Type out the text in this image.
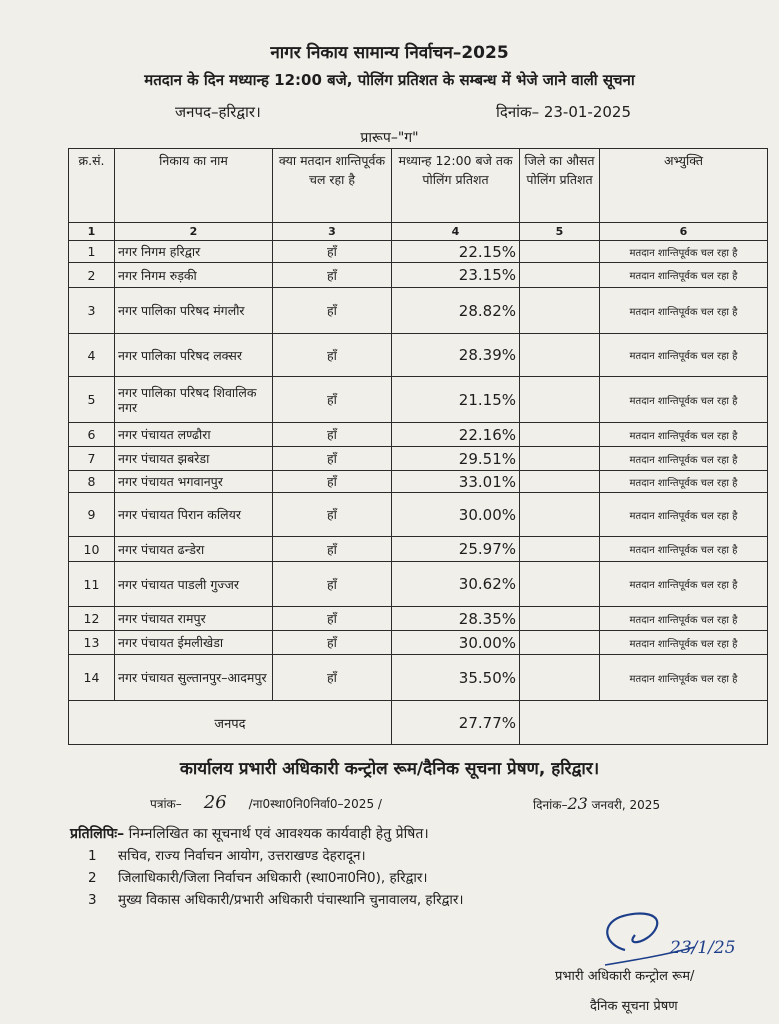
नागर निकाय सामान्य निर्वाचन–2025
मतदान के दिन मध्यान्ह 12:00 बजे, पोलिंग प्रतिशत के सम्बन्ध में भेजे जाने वाली सूचना
जनपद–हरिद्वार।	दिनांक– 23-01-2025
प्रारूप–"ग"
क्र.सं.	निकाय का नाम	क्या मतदान शान्तिपूर्वक चल रहा है	मध्यान्ह 12:00 बजे तक पोलिंग प्रतिशत	जिले का औसत पोलिंग प्रतिशत	अभ्युक्ति
1	2	3	4	5	6
1	नगर निगम हरिद्वार	हाँ	22.15%		मतदान शान्तिपूर्वक चल रहा है
2	नगर निगम रुड़की	हाँ	23.15%		मतदान शान्तिपूर्वक चल रहा है
3	नगर पालिका परिषद मंगलौर	हाँ	28.82%		मतदान शान्तिपूर्वक चल रहा है
4	नगर पालिका परिषद लक्सर	हाँ	28.39%		मतदान शान्तिपूर्वक चल रहा है
5	नगर पालिका परिषद शिवालिक नगर	हाँ	21.15%		मतदान शान्तिपूर्वक चल रहा है
6	नगर पंचायत लण्ढौरा	हाँ	22.16%		मतदान शान्तिपूर्वक चल रहा है
7	नगर पंचायत झबरेडा	हाँ	29.51%		मतदान शान्तिपूर्वक चल रहा है
8	नगर पंचायत भगवानपुर	हाँ	33.01%		मतदान शान्तिपूर्वक चल रहा है
9	नगर पंचायत पिरान कलियर	हाँ	30.00%		मतदान शान्तिपूर्वक चल रहा है
10	नगर पंचायत ढन्डेरा	हाँ	25.97%		मतदान शान्तिपूर्वक चल रहा है
11	नगर पंचायत पाडली गुज्जर	हाँ	30.62%		मतदान शान्तिपूर्वक चल रहा है
12	नगर पंचायत रामपुर	हाँ	28.35%		मतदान शान्तिपूर्वक चल रहा है
13	नगर पंचायत ईमलीखेडा	हाँ	30.00%		मतदान शान्तिपूर्वक चल रहा है
14	नगर पंचायत सुल्तानपुर–आदमपुर	हाँ	35.50%		मतदान शान्तिपूर्वक चल रहा है
जनपद			27.77%		
कार्यालय प्रभारी अधिकारी कन्ट्रोल रूम/दैनिक सूचना प्रेषण, हरिद्वार।
पत्रांक– 26 /ना0स्था0नि0निर्वा0–2025 /	दिनांक–23 जनवरी, 2025
प्रतिलिपिः– निम्नलिखित का सूचनार्थ एवं आवश्यक कार्यवाही हेतु प्रेषित।
1 सचिव, राज्य निर्वाचन आयोग, उत्तराखण्ड देहरादून।
2 जिलाधिकारी/जिला निर्वाचन अधिकारी (स्था0ना0नि0), हरिद्वार।
3 मुख्य विकास अधिकारी/प्रभारी अधिकारी पंचास्थानि चुनावालय, हरिद्वार।
23/1/25
प्रभारी अधिकारी कन्ट्रोल रूम/
दैनिक सूचना प्रेषण
